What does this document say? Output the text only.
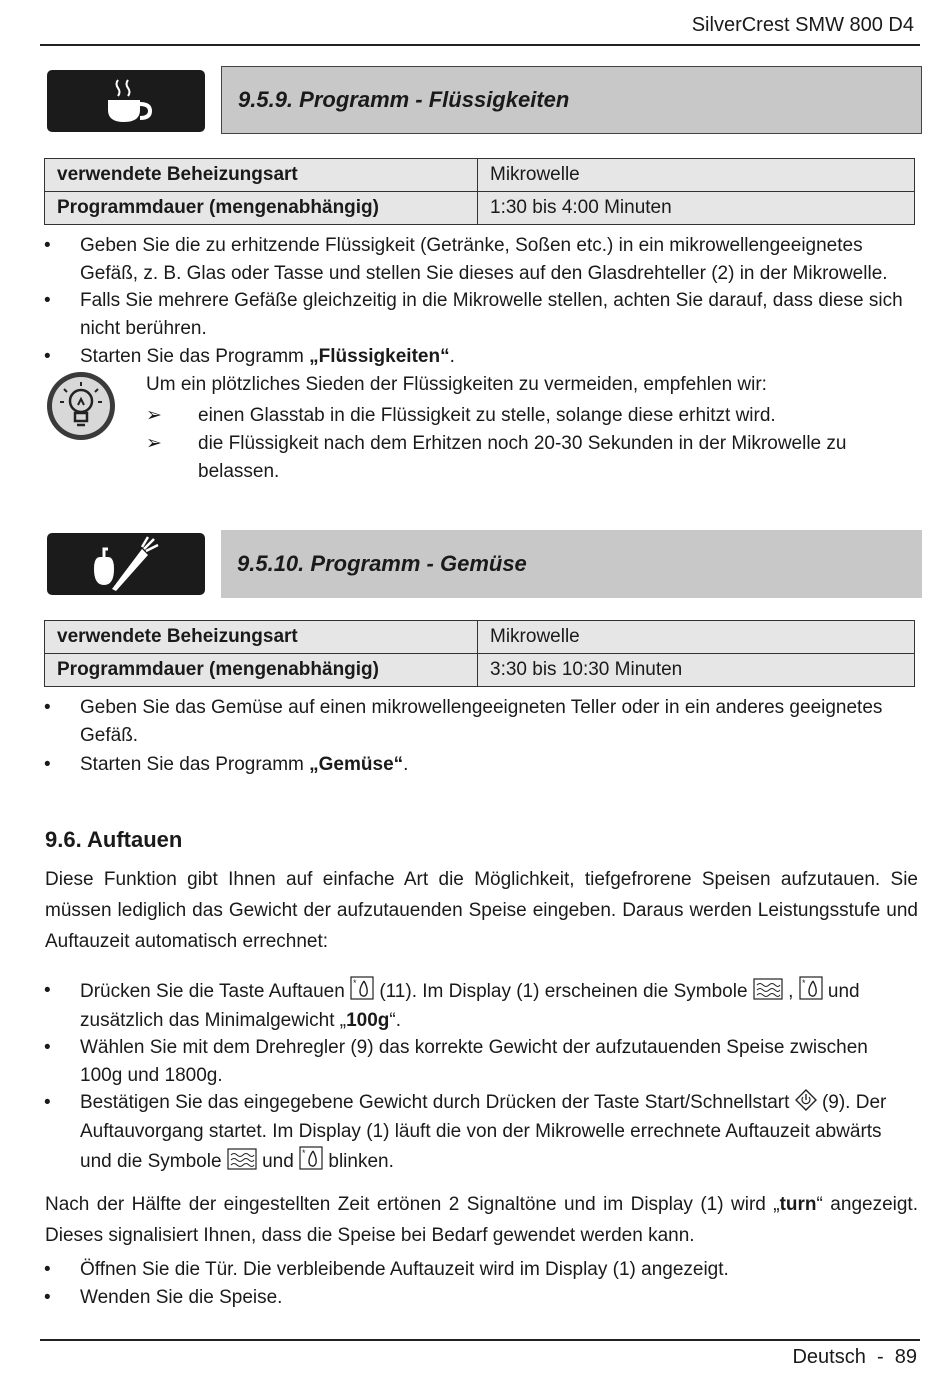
SilverCrest SMW 800 D4
9.5.9. Programm - Flüssigkeiten
verwendete Beheizungsart	Mikrowelle
Programmdauer (mengenabhängig)	1:30 bis 4:00 Minuten
• Geben Sie die zu erhitzende Flüssigkeit (Getränke, Soßen etc.) in ein mikrowellengeeignetes Gefäß, z. B. Glas oder Tasse und stellen Sie dieses auf den Glasdrehteller (2) in der Mikrowelle.
• Falls Sie mehrere Gefäße gleichzeitig in die Mikrowelle stellen, achten Sie darauf, dass diese sich nicht berühren.
• Starten Sie das Programm „Flüssigkeiten“.
Um ein plötzliches Sieden der Flüssigkeiten zu vermeiden, empfehlen wir:
➢ einen Glasstab in die Flüssigkeit zu stelle, solange diese erhitzt wird.
➢ die Flüssigkeit nach dem Erhitzen noch 20-30 Sekunden in der Mikrowelle zu belassen.
9.5.10. Programm - Gemüse
verwendete Beheizungsart	Mikrowelle
Programmdauer (mengenabhängig)	3:30 bis 10:30 Minuten
• Geben Sie das Gemüse auf einen mikrowellengeeigneten Teller oder in ein anderes geeignetes Gefäß.
• Starten Sie das Programm „Gemüse“.
9.6. Auftauen
Diese Funktion gibt Ihnen auf einfache Art die Möglichkeit, tiefgefrorene Speisen aufzutauen. Sie müssen lediglich das Gewicht der aufzutauenden Speise eingeben. Daraus werden Leistungsstufe und Auftauzeit automatisch errechnet:
• Drücken Sie die Taste Auftauen * (11). Im Display (1) erscheinen die Symbole  , * und zusätzlich das Minimalgewicht „100g“.
• Wählen Sie mit dem Drehregler (9) das korrekte Gewicht der aufzutauenden Speise zwischen 100g und 1800g.
• Bestätigen Sie das eingegebene Gewicht durch Drücken der Taste Start/Schnellstart  (9). Der Auftauvorgang startet. Im Display (1) läuft die von der Mikrowelle errechnete Auftauzeit abwärts und die Symbole  und * blinken.
Nach der Hälfte der eingestellten Zeit ertönen 2 Signaltöne und im Display (1) wird „turn“ angezeigt. Dieses signalisiert Ihnen, dass die Speise bei Bedarf gewendet werden kann.
• Öffnen Sie die Tür. Die verbleibende Auftauzeit wird im Display (1) angezeigt.
• Wenden Sie die Speise.
Deutsch  -  89
